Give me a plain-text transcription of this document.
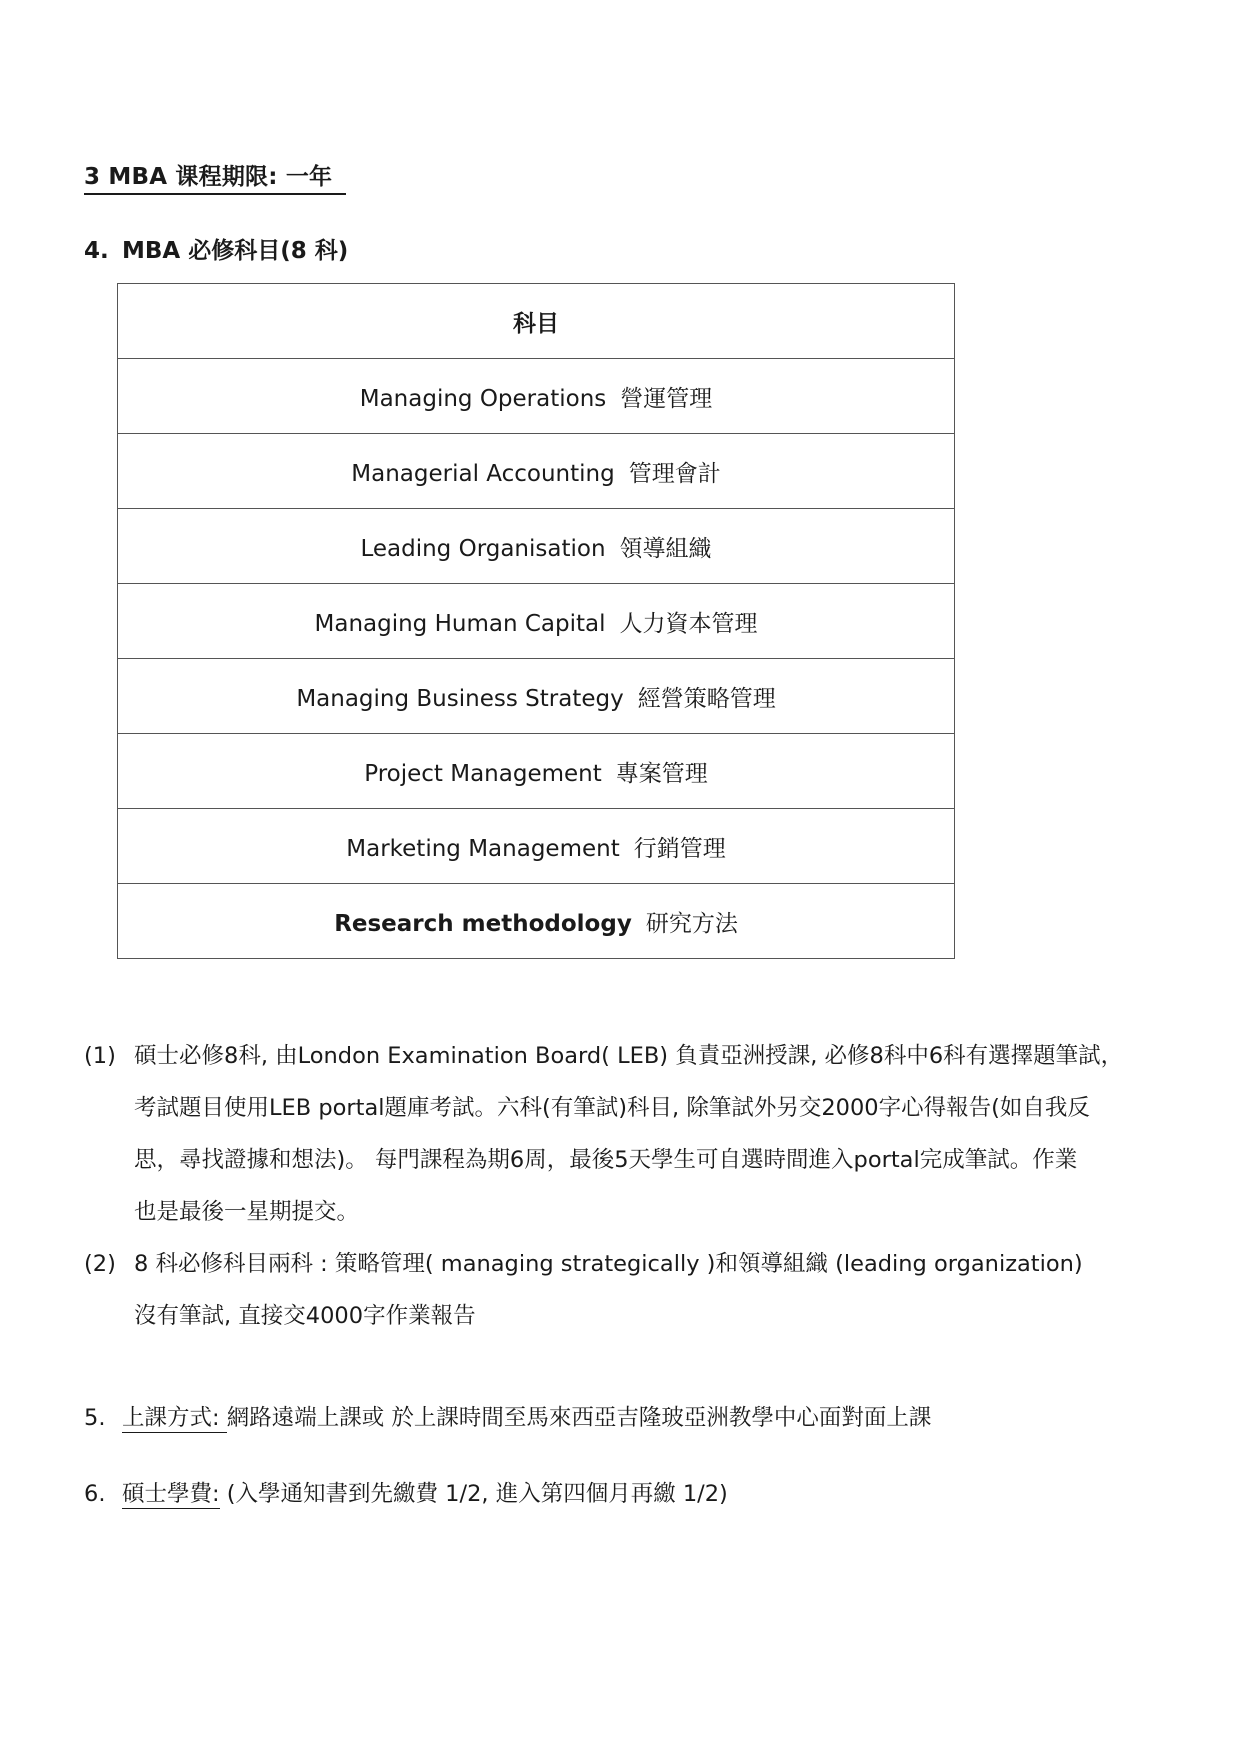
3 MBA 课程期限: 一年
4. MBA 必修科目(8 科)
科目
Managing Operations 營運管理
Managerial Accounting 管理會計
Leading Organisation 領導組織
Managing Human Capital 人力資本管理
Managing Business Strategy 經營策略管理
Project Management 專案管理
Marketing Management 行銷管理
Research methodology 研究方法
(1) 碩士必修8科, 由London Examination Board( LEB) 負責亞洲授課, 必修8科中6科有選擇題筆試，
考試題目使用LEB portal題庫考試。六科(有筆試)科目, 除筆試外另交2000字心得報告(如自我反
思，尋找證據和想法)。 每門課程為期6周，最後5天學生可自選時間進入portal完成筆試。作業
也是最後一星期提交。
(2) 8 科必修科目兩科 : 策略管理( managing strategically )和領導組織 (leading organization)
沒有筆試, 直接交4000字作業報告
5. 上課方式: 網路遠端上課或 於上課時間至馬來西亞吉隆玻亞洲教學中心面對面上課
6. 碩士學費: (入學通知書到先繳費 1/2, 進入第四個月再繳 1/2)
